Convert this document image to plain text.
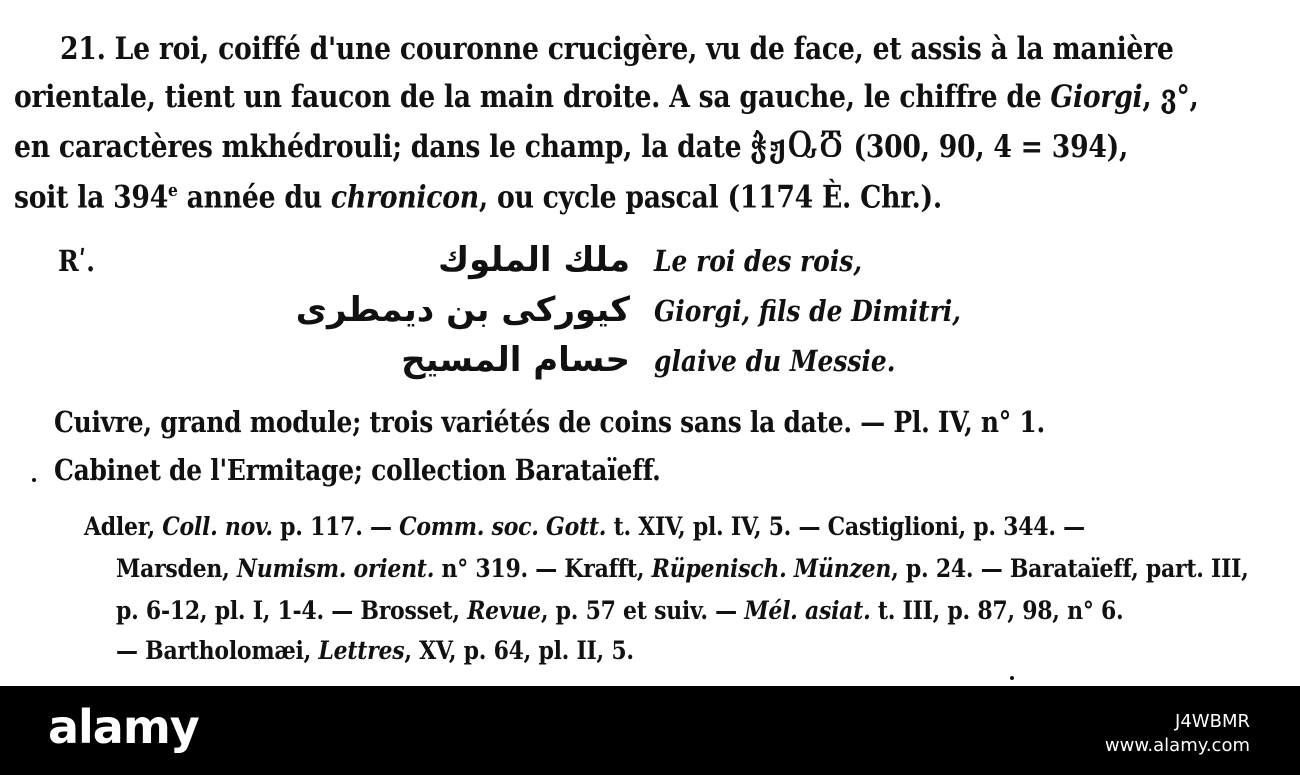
21. Le roi, coiffé d'une couronne crucigère, vu de face, et assis à la manière
orientale, tient un faucon de la main droite. A sa gauche, le chiffre de Giorgi, ვ°,
en caractères mkhédrouli; dans le champ, la date ჭჟႭႣ (300, 90, 4 = 394),
soit la 394e année du chronicon, ou cycle pascal (1174 È. Chr.).
Rʹ.	ملك الملوك
كيورکی بن ديمطری
حسام المسيح
Le roi des rois,
Giorgi, fils de Dimitri,
glaive du Messie.
Cuivre, grand module; trois variétés de coins sans la date. — Pl. IV, n° 1.
Cabinet de l'Ermitage; collection Barataïeff.
Adler, Coll. nov. p. 117. — Comm. soc. Gott. t. XIV, pl. IV, 5. — Castiglioni, p. 344. —
Marsden, Numism. orient. n° 319. — Krafft, Rüpenisch. Münzen, p. 24. — Barataïeff, part. III,
p. 6-12, pl. I, 1-4. — Brosset, Revue, p. 57 et suiv. — Mél. asiat. t. III, p. 87, 98, n° 6.
— Bartholomæi, Lettres, XV, p. 64, pl. II, 5.
alamy	J4WBMR
www.alamy.com
